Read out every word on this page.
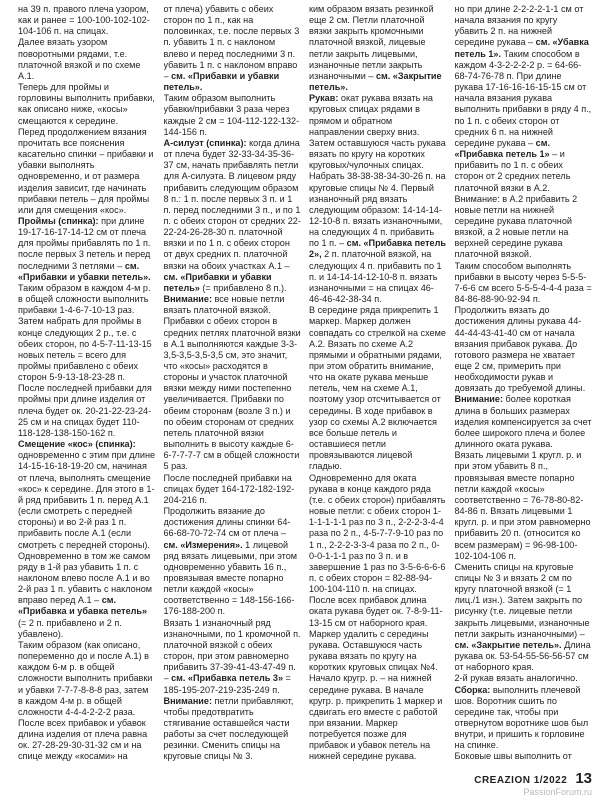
на 39 п. правого плеча узором, как и ранее = 100-100-102-102-104-106 п. на спицах.

Далее вязать узором поворотными рядами, т.е. платочной вязкой и по схеме А.1.

Теперь для проймы и горловины выполнить прибавки, как описано ниже, «косы» смещаются к середине.

Перед продолжением вязания прочитать все пояснения касательно спинки – прибавки и убавки выполнять одновременно, и от размера изделия зависит, где начинать прибавки петель – для проймы или для смещения «кос».

Проймы (спинка): при длине 19-17-16-17-14-12 см от плеча для проймы прибавлять по 1 п. после первых 3 петель и перед последними 3 петлями – см. «Прибавки и убавки петель». Таким образом в каждом 4-м р. в общей сложности выполнить прибавки 1-4-6-7-10-13 раз. Затем набрать для проймы в конце следующих 2 р., т.е. с обеих сторон, по 4-5-7-11-13-15 новых петель = всего для проймы прибавлено с обеих сторон 5-9-13-18-23-28 п.

После последней прибавки для проймы при длине изделия от плеча будет ок. 20-21-22-23-24-25 см и на спицах будет 110-118-128-138-150-162 п.

Смещение «кос» (спинка): одновременно с этим при длине 14-15-16-18-19-20 см, начиная от плеча, выполнять смещение «кос» к середине. Для этого в 1-й ряд прибавить 1 п. перед А.1 (если смотреть с передней стороны) и во 2-й раз 1 п. прибавить после А.1 (если смотреть с передней стороны). Одновременно в том же самом ряду в 1-й раз убавить 1 п. с наклоном влево после А.1 и во 2-й раз 1 п. убавить с наклоном вправо перед А.1 – см. «Прибавка и убавка петель» (= 2 п. прибавлено и 2 п. убавлено).

Таким образом (как описано, попеременно до и после А.1) в каждом 6-м р. в общей сложности выполнить прибавки и убавки 7-7-7-8-8-8 раз, затем в каждом 4-м р. в общей сложности 4-4-4-2-2-2 раза. После всех прибавок и убавок длина изделия от плеча равна ок. 27-28-29-30-31-32 см и на спице между «косами» на

от плеча) убавить с обеих сторон по 1 п., как на половинках, т.е. после первых 3 п. убавить 1 п. с наклоном влево и перед последними 3 п. убавить 1 п. с наклоном вправо – см. «Прибавки и убавки петель».

Таким образом выполнить убавки/прибавки 3 раза через каждые 2 см = 104-112-122-132-144-156 п.

А-силуэт (спинка): когда длина от плеча будет 32-33-34-35-36-37 см, начать прибавлять петли для А-силуэта. В лицевом ряду прибавить следующим образом 8 п.: 1 п. после первых 3 п. и 1 п. перед последними 3 п., и по 1 п. с обеих сторон от средних 22-22-24-26-28-30 п. платочной вязки и по 1 п. с обеих сторон от двух средних п. платочной вязки на обоих участках А.1 – см. «Прибавки и убавки петель» (= прибавлено 8 п.). Внимание: все новые петли вязать платочной вязкой. Прибавки с обеих сторон в средних петлях платочной вязки в А.1 выполняются каждые 3-3-3,5-3,5-3,5-3,5 см, это значит, что «косы» расходятся в стороны и участок платочной вязки между ними постепенно увеличивается. Прибавки по обеим сторонам (возле 3 п.) и по обеим сторонам от средних петель платочной вязки выполнить в высоту каждые 6-6-7-7-7-7 см в общей сложности 5 раз.

После последней прибавки на спицах будет 164-172-182-192-204-216 п.

Продолжить вязание до достижения длины спинки 64-66-68-70-72-74 см от плеча – см. «Измерения». 1 лицевой ряд вязать лицевыми, при этом одновременно убавить 16 п., провязывая вместе попарно петли каждой «косы» соответственно = 148-156-166-176-188-200 п.

Вязать 1 изнаночный ряд изнаночными, по 1 кромочной п. платочной вязкой с обеих сторон, при этом равномерно прибавить 37-39-41-43-47-49 п. – см. «Прибавка петель 3» = 185-195-207-219-235-249 п. Внимание: петли прибавляют, чтобы предотвратить стягивание оставшейся части работы за счет последующей резинки. Сменить спицы на круговые спицы № 3.

ким образом вязать резинкой еще 2 см. Петли платочной вязки закрыть кромочными платочной вязкой, лицевые петли закрыть лицевыми, изнаночные петли закрыть изнаночными – см. «Закрытие петель».

Рукав: окат рукава вязать на круговых спицах рядами в прямом и обратном направлении сверху вниз. Затем оставшуюся часть рукава вязать по кругу на коротких круговых/чулочных спицах. Набрать 38-38-38-34-30-26 п. на круговые спицы № 4. Первый изнаночный ряд вязать следующим образом: 14-14-14-12-10-8 п. вязать изнаночными, на следующих 4 п. прибавить по 1 п. – см. «Прибавка петель 2», 2 п. платочной вязкой, на следующих 4 п. прибавить по 1 п. и 14-14-14-12-10-8 п. вязать изнаночными = на спицах 46-46-46-42-38-34 п.

В середине ряда прикрепить 1 маркер. Маркер должен совпадать со стрелкой на схеме А.2. Вязать по схеме А.2 прямыми и обратными рядами, при этом обратить внимание, что на окате рукава меньше петель, чем на схеме А.1, поэтому узор отсчитывается от середины. В ходе прибавок в узор со схемы А.2 включается все больше петель и оставшиеся петли провязываются лицевой гладью.

Одновременно для оката рукава в конце каждого ряда (т.е. с обеих сторон) прибавлять новые петли: с обеих сторон 1-1-1-1-1-1 раз по 3 п., 2-2-2-3-4-4 раза по 2 п., 4-5-7-7-9-10 раз по 1 п., 2-2-2-3-3-4 раза по 2 п., 0-0-0-1-1-1 раз по 3 п. и в завершение 1 раз по 3-5-6-6-6-6 п. с обеих сторон = 82-88-94-100-104-110 п. на спицах.

После всех прибавок длина оката рукава будет ок. 7-8-9-11-13-15 см от наборного края. Маркер удалить с середины рукава. Оставшуюся часть рукава вязать по кругу на коротких круговых спицах №4.

Начало кругр. р. – на нижней середине рукава. В начале кругр. р. прикрепить 1 маркер и сдвигать его вместе с работой при вязании. Маркер потребуется позже для прибавок и убавок петель на нижней середине рукава.

но при длине 2-2-2-2-1-1 см от начала вязания по кругу убавить 2 п. на нижней середине рукава – см. «Убавка петель 1». Таким способом в каждом 4-3-2-2-2-2 р. = 64-66-68-74-76-78 п. При длине рукава 17-16-16-16-15-15 см от начала вязания рукава выполнить прибавки в ряду 4 п., по 1 п. с обеих сторон от средних 6 п. на нижней середине рукава – см. «Прибавка петель 1» – и прибавить по 1 п. с обеих сторон от 2 средних петель платочной вязки в А.2. Внимание: в А.2 прибавить 2 новые петли на нижней середине рукава платочной вязкой, а 2 новые петли на верхней середине рукава платочной вязкой.

Таким способом выполнять прибавки в высоту через 5-5-5-7-6-6 см всего 5-5-5-4-4-4 раза = 84-86-88-90-92-94 п.

Продолжить вязать до достижения длины рукава 44-44-44-43-41-40 см от начала вязания прибавок рукава. До готового размера не хватает еще 2 см, примерить при необходимости рукав и довязать до требуемой длины. Внимание: более короткая длина в больших размерах изделия компенсируется за счет более широкого плеча и более длинного оката рукава.

Вязать лицевыми 1 кругл. р. и при этом убавить 8 п., провязывая вместе попарно петли каждой «косы» соответственно = 76-78-80-82-84-86 п. Вязать лицевыми 1 кругл. р. и при этом равномерно прибавить 20 п. (относится ко всем размерам) = 96-98-100-102-104-106 п.

Сменить спицы на круговые спицы № 3 и вязать 2 см по кругу платочной вязкой (= 1 лиц./1 изн.). Затем закрыть по рисунку (т.е. лицевые петли закрыть лицевыми, изнаночные петли закрыть изнаночными) – см. «Закрытие петель». Длина рукава ок. 53-54-55-56-56-57 см от наборного края.

2-й рукав вязать аналогично.

Сборка: выполнить плечевой шов. Воротник сшить по середине так, чтобы при отвернутом воротнике шов был внутри, и пришить к горловине на спинке.

Боковые швы выполнить от

CREAZION 1/2022 13
PassionForum.ru
